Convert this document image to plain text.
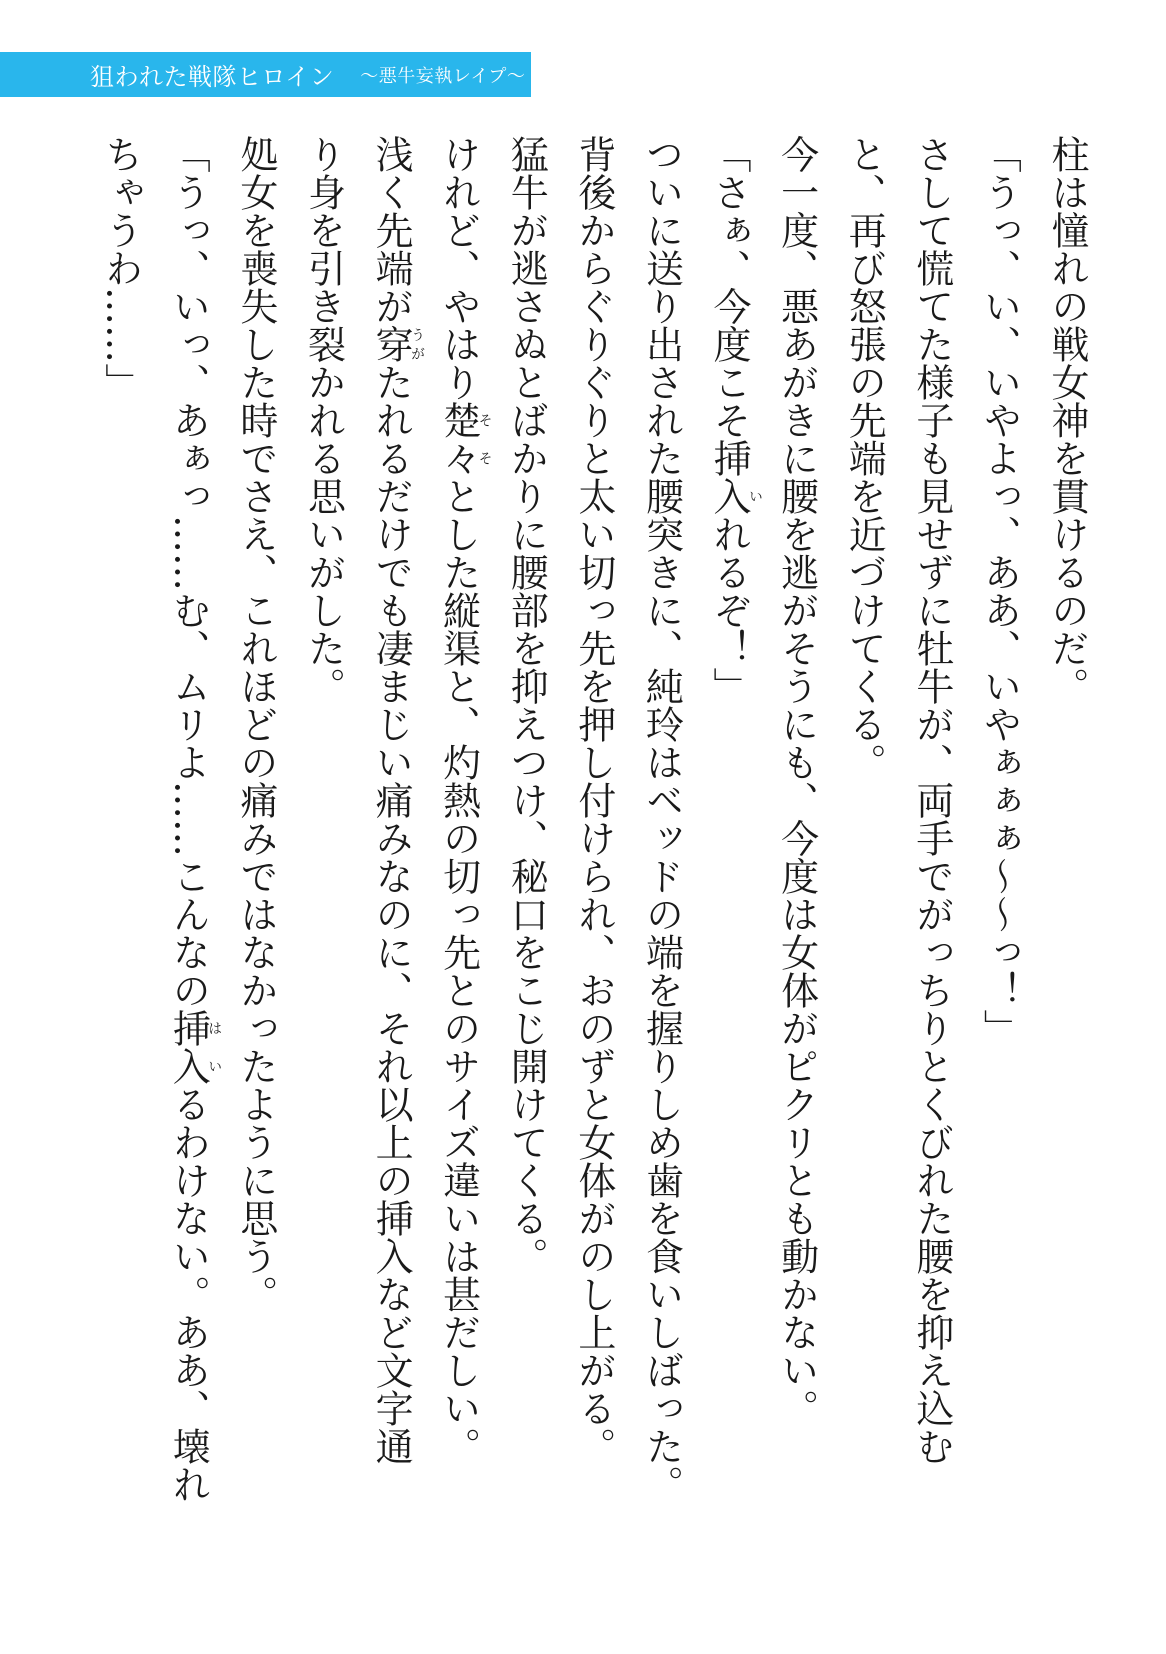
狙われた戦隊ヒロイン ～悪牛妄執レイプ～

柱は憧れの戦女神を貫けるのだ。

「うっ、い、いやよっ、ああ、いやぁぁぁ～～っ！」

さして慌てた様子も見せずに牡牛が、両手でがっちりとくびれた腰を抑え込む

と、再び怒張の先端を近づけてくる。

今一度、悪あがきに腰を逃がそうにも、今度は女体がピクリとも動かない。

「さぁ、今度こそ挿入いれるぞ！」

ついに送り出された腰突きに、純玲はベッドの端を握りしめ歯を食いしばった。

背後からぐりぐりと太い切っ先を押し付けられ、おのずと女体がのし上がる。

猛牛が逃さぬとばかりに腰部を抑えつけ、秘口をこじ開けてくる。

けれど、やはり楚そ々そとした縦渠と、灼熱の切っ先とのサイズ違いは甚だしい。

浅く先端が穿うがたれるだけでも凄まじい痛みなのに、それ以上の挿入など文字通

り身を引き裂かれる思いがした。

処女を喪失した時でさえ、これほどの痛みではなかったように思う。

「うっ、いっ、あぁっ……む、ムリよ……こんなの挿は入いるわけない。ああ、壊れ

ちゃうわ……」
